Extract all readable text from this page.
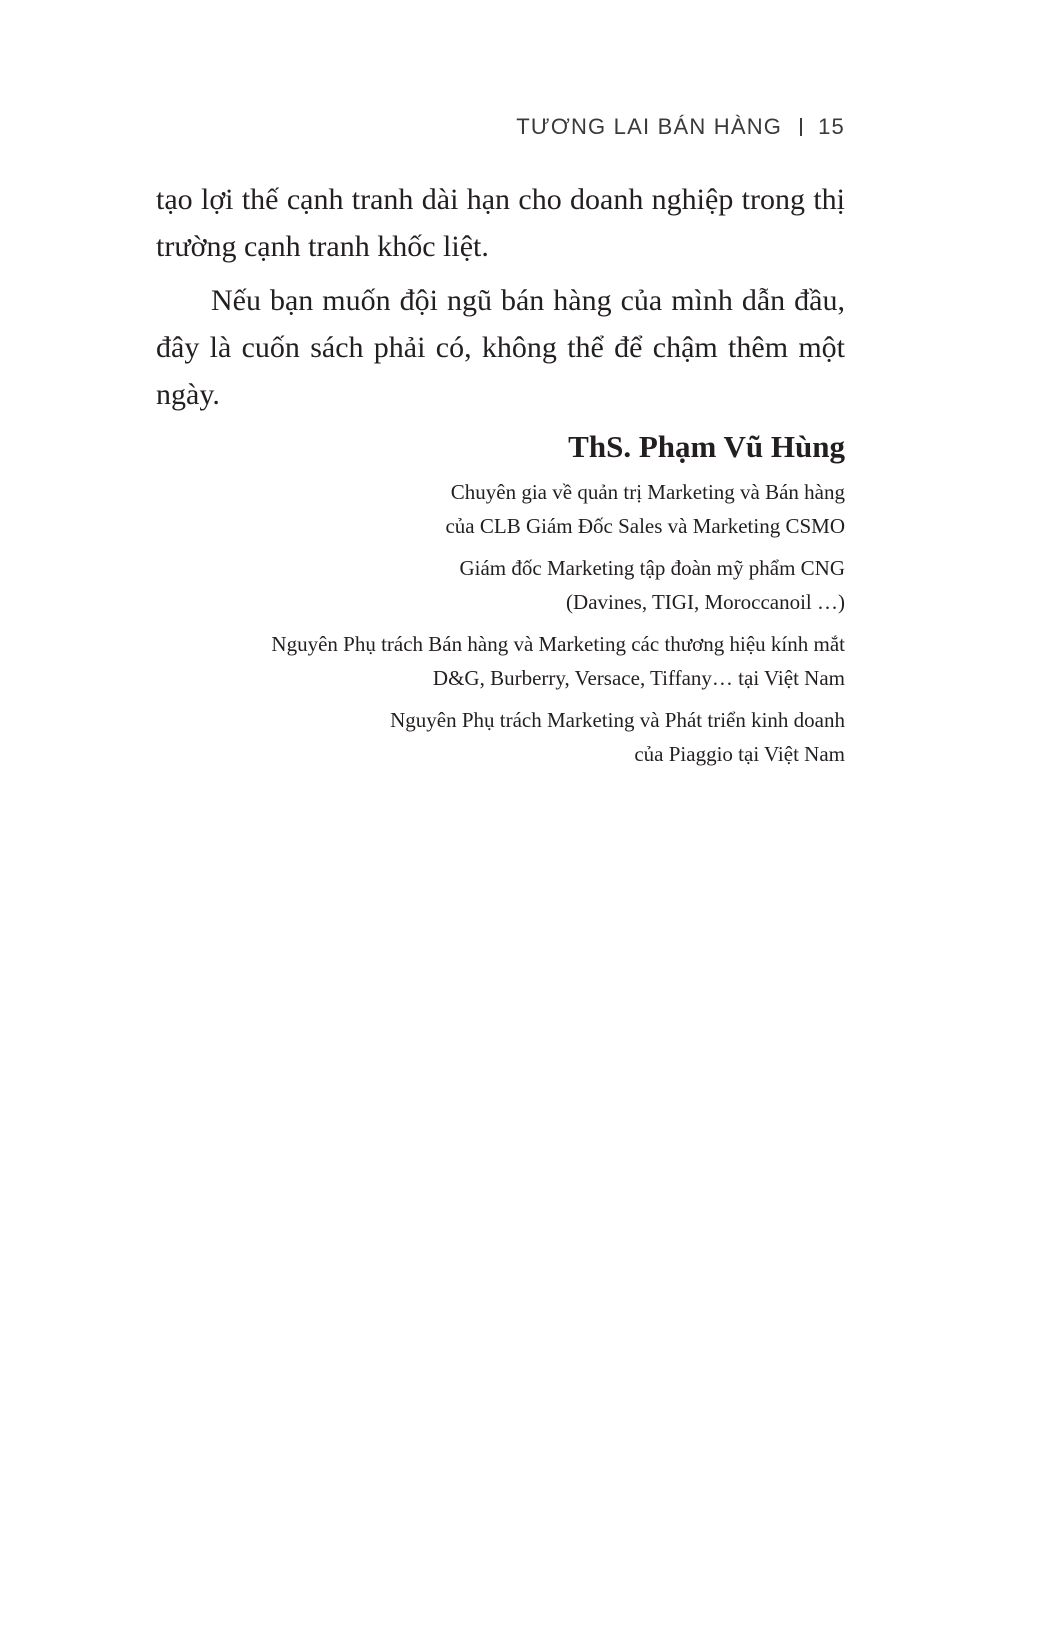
TƯƠNG LAI BÁN HÀNG 15

tạo lợi thế cạnh tranh dài hạn cho doanh nghiệp trong thị trường cạnh tranh khốc liệt.

Nếu bạn muốn đội ngũ bán hàng của mình dẫn đầu, đây là cuốn sách phải có, không thể để chậm thêm một ngày.

ThS. Phạm Vũ Hùng
Chuyên gia về quản trị Marketing và Bán hàng
của CLB Giám Đốc Sales và Marketing CSMO
Giám đốc Marketing tập đoàn mỹ phẩm CNG
(Davines, TIGI, Moroccanoil …)
Nguyên Phụ trách Bán hàng và Marketing các thương hiệu kính mắt
D&G, Burberry, Versace, Tiffany… tại Việt Nam
Nguyên Phụ trách Marketing và Phát triển kinh doanh
của Piaggio tại Việt Nam
